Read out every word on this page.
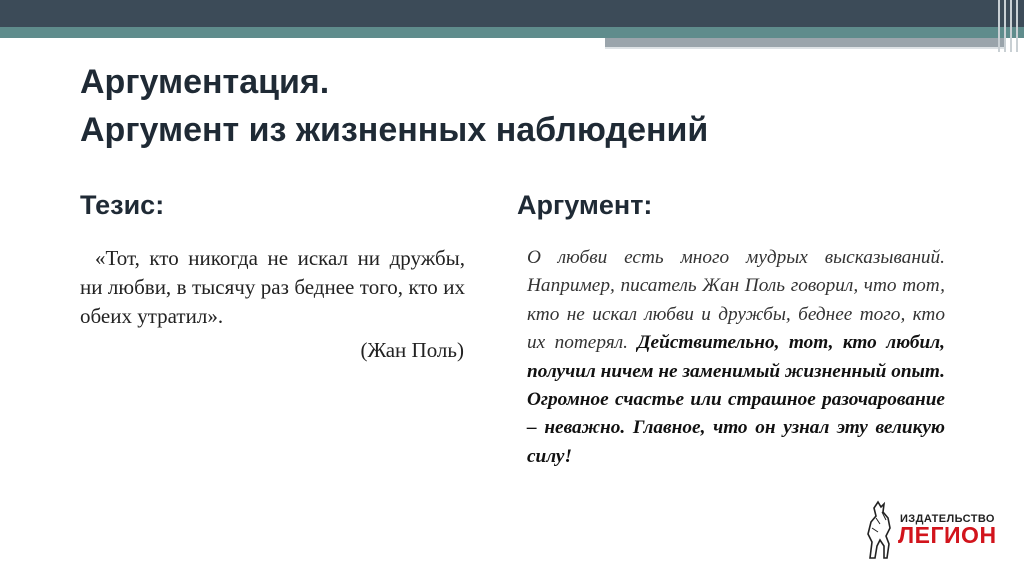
Аргументация.
Аргумент из жизненных наблюдений
Тезис:	Аргумент:

«Тот, кто никогда не искал ни дружбы, ни любви, в тысячу раз беднее того, кто их обеих утратил».

(Жан Поль)

О любви есть много мудрых высказываний. Например, писатель Жан Поль говорил, что тот, кто не искал любви и дружбы, беднее того, кто их потерял. Действительно, тот, кто любил, получил ничем не заменимый жизненный опыт. Огромное счастье или страшное разочарование – неважно. Главное, что он узнал эту великую силу!

ИЗДАТЕЛЬСТВО
ЛЕГИОН
